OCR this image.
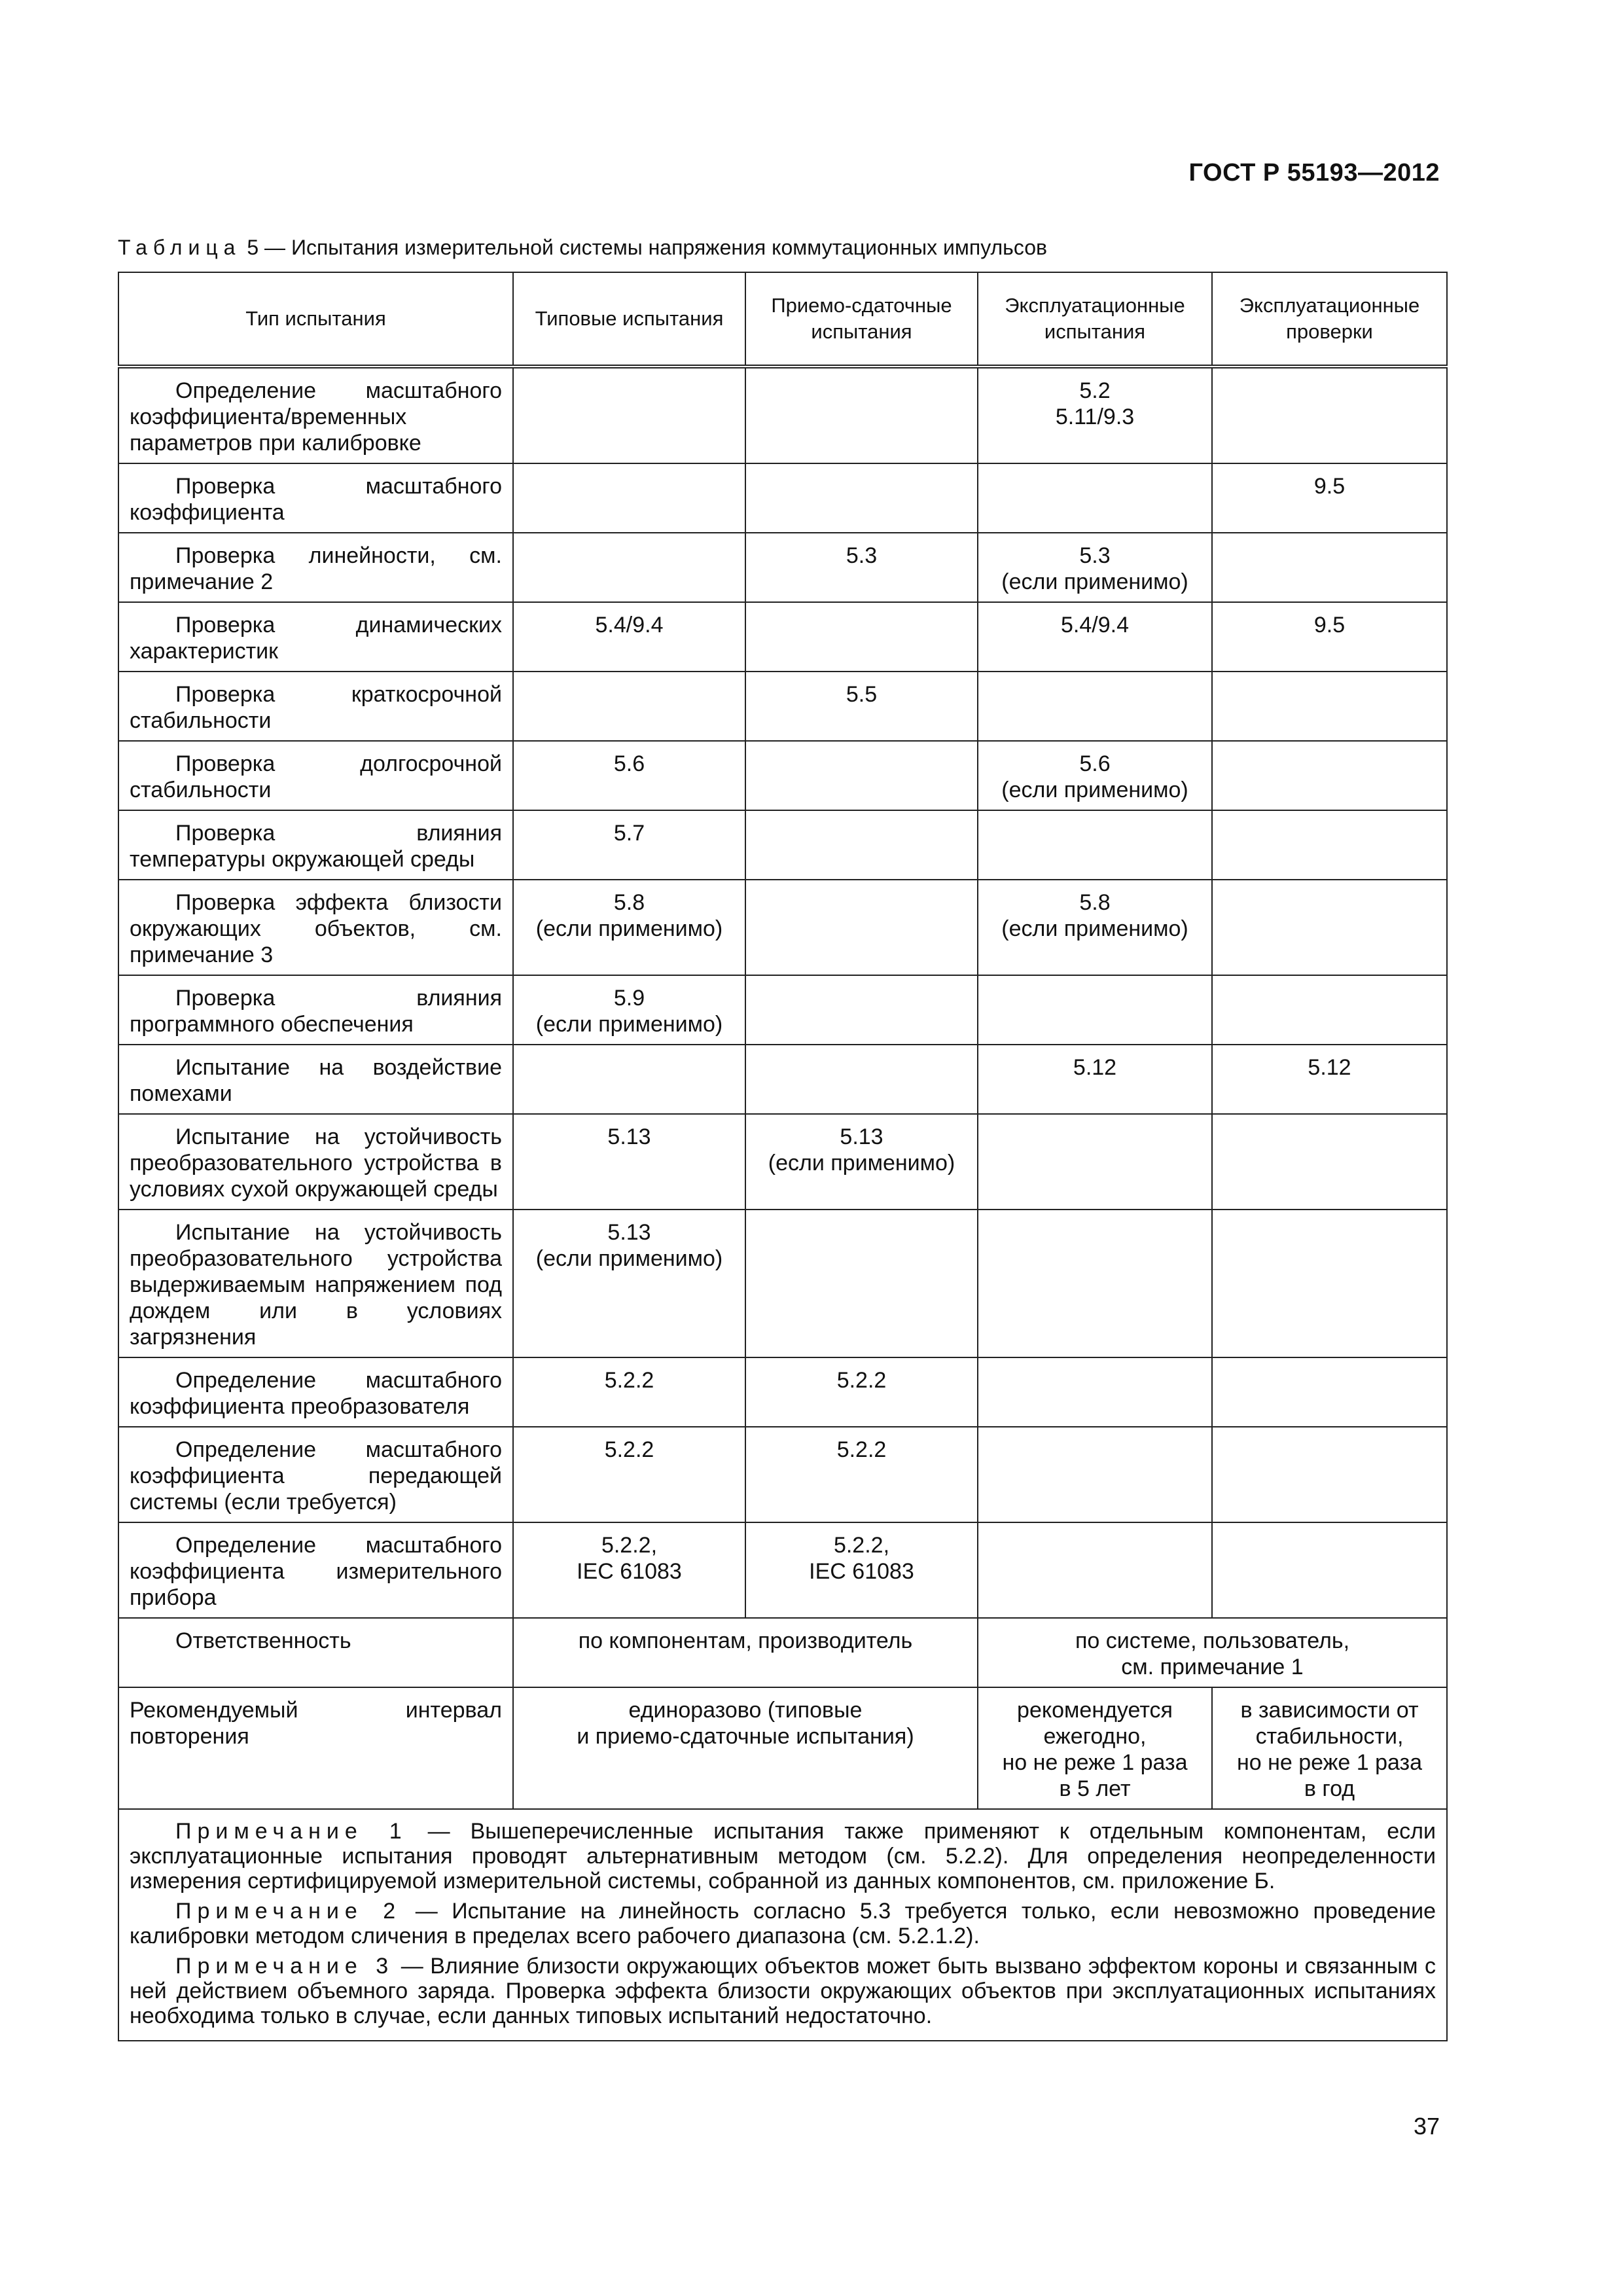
ГОСТ Р 55193—2012
Таблица 5 — Испытания измерительной системы напряжения коммутационных импульсов
Тип испытания	Типовые испытания	Приемо-сдаточные испытания	Эксплуатационные испытания	Эксплуатационные проверки
Определение масштабного коэффициента/временных параметров при калибровке			5.2
5.11/9.3	
Проверка масштабного коэффициента				9.5
Проверка линейности, см. примечание 2		5.3	5.3
(если применимо)	
Проверка динамических характеристик	5.4/9.4		5.4/9.4	9.5
Проверка краткосрочной стабильности		5.5		
Проверка долгосрочной стабильности	5.6		5.6
(если применимо)	
Проверка влияния температуры окружающей среды	5.7			
Проверка эффекта близости окружающих объектов, см. примечание 3	5.8
(если применимо)		5.8
(если применимо)	
Проверка влияния программного обеспечения	5.9
(если применимо)			
Испытание на воздействие помехами			5.12	5.12
Испытание на устойчивость преобразовательного устройства в условиях сухой окружающей среды	5.13	5.13
(если применимо)		
Испытание на устойчивость преобразовательного устройства выдерживаемым напряжением под дождем или в условиях загрязнения	5.13
(если применимо)			
Определение масштабного коэффициента преобразователя	5.2.2	5.2.2		
Определение масштабного коэффициента передающей системы (если требуется)	5.2.2	5.2.2		
Определение масштабного коэффициента измерительного прибора	5.2.2,
IEC 61083	5.2.2,
IEC 61083		
Ответственность	по компонентам, производитель		по системе, пользователь,
см. примечание 1	
Рекомендуемый интервал повторения	единоразово (типовые
и приемо-сдаточные испытания)		рекомендуется
ежегодно,
но не реже 1 раза
в 5 лет	в зависимости от
стабильности,
но не реже 1 раза
в год

Примечание 1 — Вышеперечисленные испытания также применяют к отдельным компонентам, если эксплуатационные испытания проводят альтернативным методом (см. 5.2.2). Для определения неопределенности измерения сертифицируемой измерительной системы, собранной из данных компонентов, см. приложение Б.

Примечание 2 — Испытание на линейность согласно 5.3 требуется только, если невозможно проведение калибровки методом сличения в пределах всего рабочего диапазона (см. 5.2.1.2).

Примечание 3 — Влияние близости окружающих объектов может быть вызвано эффектом короны и связанным с ней действием объемного заряда. Проверка эффекта близости окружающих объектов при эксплуатационных испытаниях необходима только в случае, если данных типовых испытаний недостаточно.				

37
